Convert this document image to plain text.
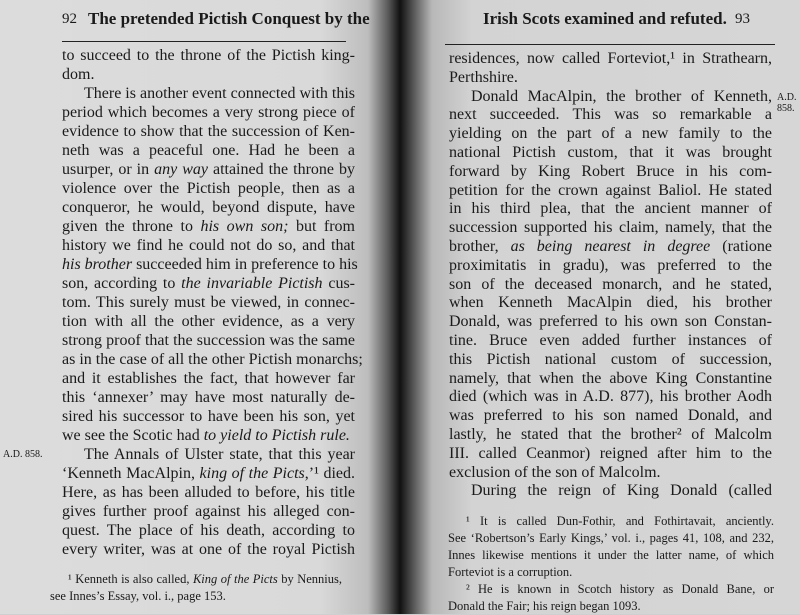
92 The pretended Pictish Conquest by the
to succeed to the throne of the Pictish king-
dom.
There is another event connected with this
period which becomes a very strong piece of
evidence to show that the succession of Ken-
neth was a peaceful one. Had he been a
usurper, or in any way attained the throne by
violence over the Pictish people, then as a
conqueror, he would, beyond dispute, have
given the throne to his own son; but from
history we find he could not do so, and that
his brother succeeded him in preference to his
son, according to the invariable Pictish cus-
tom. This surely must be viewed, in connec-
tion with all the other evidence, as a very
strong proof that the succession was the same
as in the case of all the other Pictish monarchs;
and it establishes the fact, that however far
this ‘annexer’ may have most naturally de-
sired his successor to have been his son, yet
we see the Scotic had to yield to Pictish rule.
The Annals of Ulster state, that this year
‘Kenneth MacAlpin, king of the Picts,’¹ died.
Here, as has been alluded to before, his title
gives further proof against his alleged con-
quest. The place of his death, according to
every writer, was at one of the royal Pictish
A.D. 858.
¹ Kenneth is also called, King of the Picts by Nennius,
see Innes’s Essay, vol. i., page 153.
Irish Scots examined and refuted. 93
residences, now called Forteviot,¹ in Strathearn,
Perthshire.
Donald MacAlpin, the brother of Kenneth,
next succeeded. This was so remarkable a
yielding on the part of a new family to the
national Pictish custom, that it was brought
forward by King Robert Bruce in his com-
petition for the crown against Baliol. He stated
in his third plea, that the ancient manner of
succession supported his claim, namely, that the
brother, as being nearest in degree (ratione
proximitatis in gradu), was preferred to the
son of the deceased monarch, and he stated,
when Kenneth MacAlpin died, his brother
Donald, was preferred to his own son Constan-
tine. Bruce even added further instances of
this Pictish national custom of succession,
namely, that when the above King Constantine
died (which was in A.D. 877), his brother Aodh
was preferred to his son named Donald, and
lastly, he stated that the brother² of Malcolm
III. called Ceanmor) reigned after him to the
exclusion of the son of Malcolm.
During the reign of King Donald (called
A.D. 858.
¹ It is called Dun-Fothir, and Fothirtavait, anciently.
See ‘Robertson’s Early Kings,’ vol. i., pages 41, 108, and 232,
Innes likewise mentions it under the latter name, of which
Forteviot is a corruption.
² He is known in Scotch history as Donald Bane, or
Donald the Fair; his reign began 1093.
